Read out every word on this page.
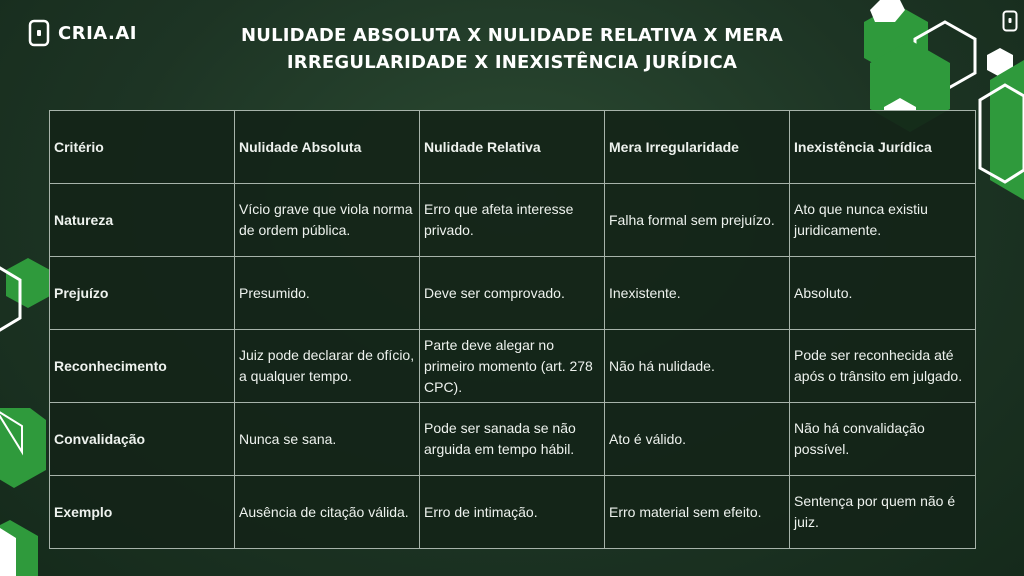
CRIA.AI	NULIDADE ABSOLUTA X NULIDADE RELATIVA X MERA IRREGULARIDADE X INEXISTÊNCIA JURÍDICA
Critério	Nulidade Absoluta	Nulidade Relativa	Mera Irregularidade	Inexistência Jurídica
Natureza	Vício grave que viola norma de ordem pública.	Erro que afeta interesse privado.	Falha formal sem prejuízo.	Ato que nunca existiu juridicamente.
Prejuízo	Presumido.	Deve ser comprovado.	Inexistente.	Absoluto.
Reconhecimento	Juiz pode declarar de ofício, a qualquer tempo.	Parte deve alegar no primeiro momento (art. 278 CPC).	Não há nulidade.	Pode ser reconhecida até após o trânsito em julgado.
Convalidação	Nunca se sana.	Pode ser sanada se não arguida em tempo hábil.	Ato é válido.	Não há convalidação possível.
Exemplo	Ausência de citação válida.	Erro de intimação.	Erro material sem efeito.	Sentença por quem não é juiz.
